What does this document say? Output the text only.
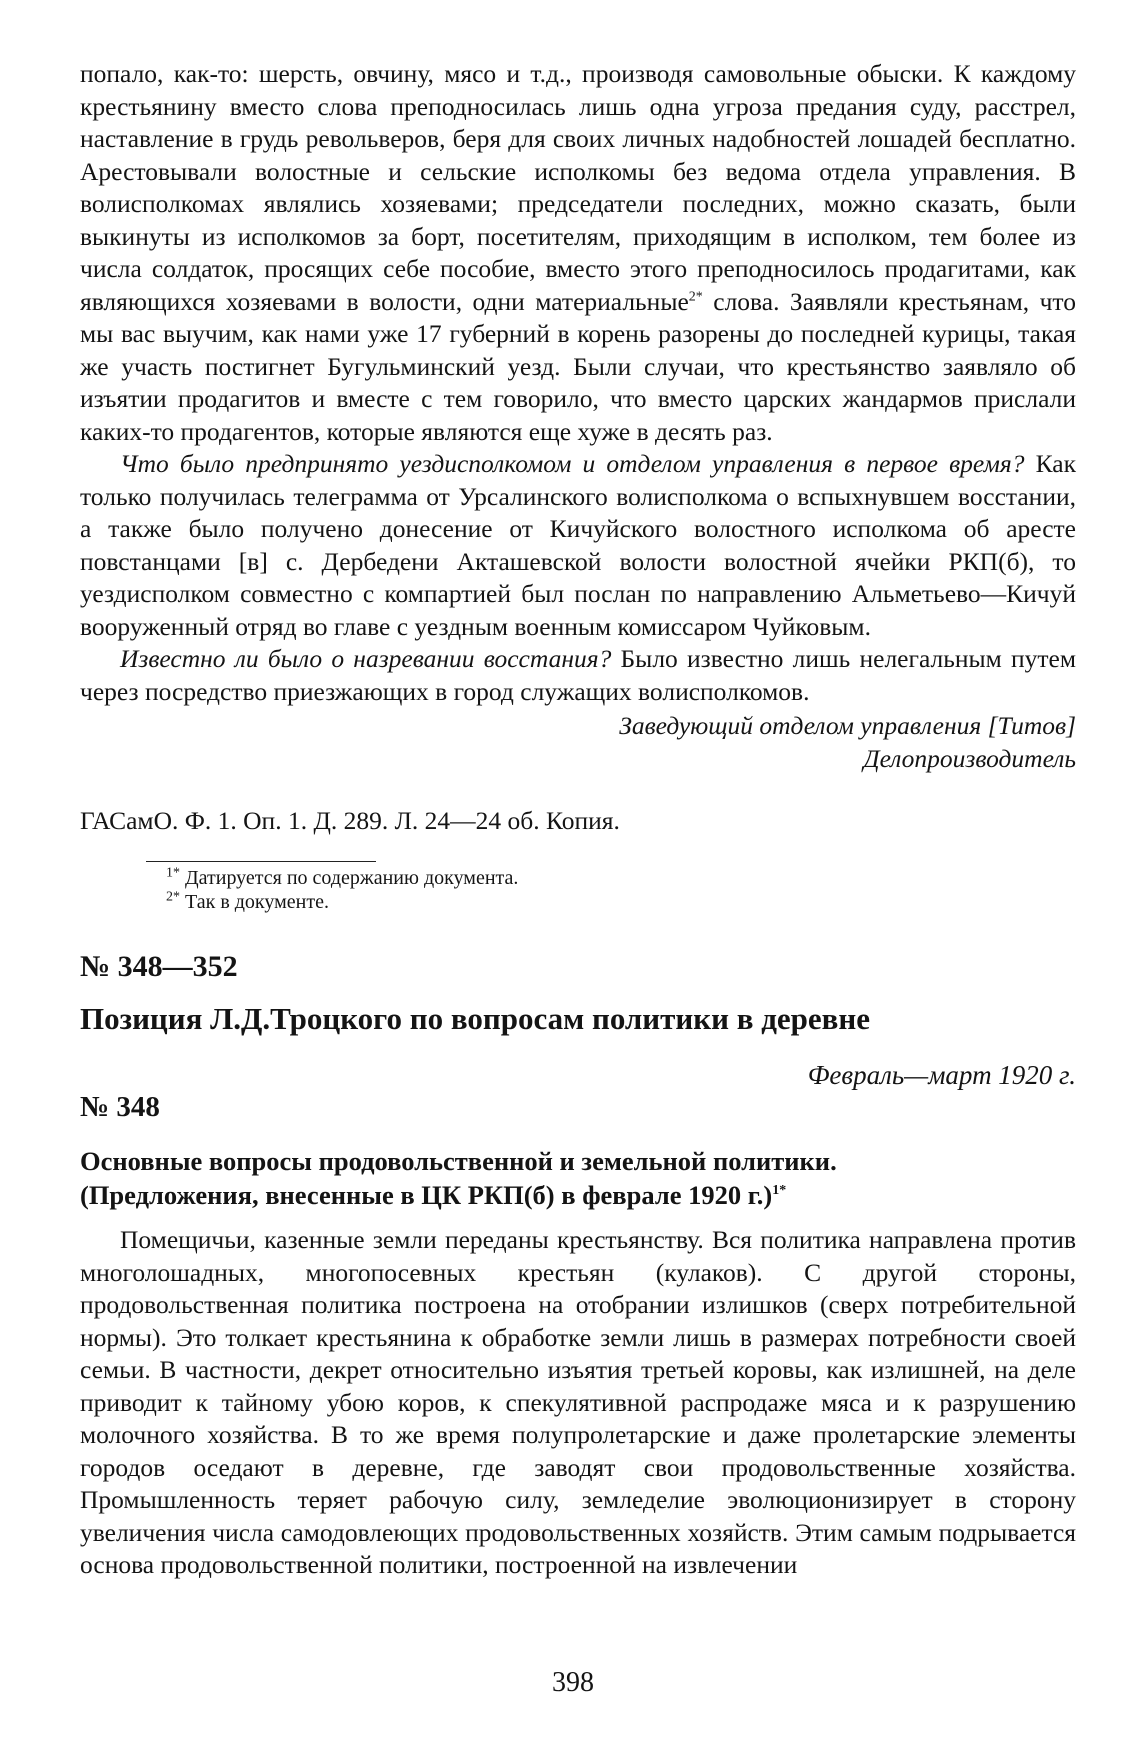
попало, как-то: шерсть, овчину, мясо и т.д., производя самовольные обыски. К каждому крестьянину вместо слова преподносилась лишь одна угроза предания суду, расстрел, наставление в грудь револьверов, беря для своих личных надобностей лошадей бесплатно. Арестовывали волостные и сельские исполкомы без ведома отдела управления. В волисполкомах являлись хозяевами; председатели последних, можно сказать, были выкинуты из исполкомов за борт, посетителям, приходящим в исполком, тем более из числа солдаток, просящих себе пособие, вместо этого преподносилось продагитами, как являющихся хозяевами в волости, одни материальные$^{2*}$ слова. Заявляли крестьянам, что мы вас выучим, как нами уже 17 губерний в корень разорены до последней курицы, такая же участь постигнет Бугульминский уезд. Были случаи, что крестьянство заявляло об изъятии продагитов и вместе с тем говорило, что вместо царских жандармов прислали каких-то продагентов, которые являются еще хуже в десять раз.

Что было предпринято уездисполкомом и отделом управления в первое время? Как только получилась телеграмма от Урсалинского волисполкома о вспыхнувшем восстании, а также было получено донесение от Кичуйского волостного исполкома об аресте повстанцами [в] с. Дербедени Акташевской волости волостной ячейки РКП(б), то уездисполком совместно с компартией был послан по направлению Альметьево—Кичуй вооруженный отряд во главе с уездным военным комиссаром Чуйковым.

Известно ли было о назревании восстания? Было известно лишь нелегальным путем через посредство приезжающих в город служащих волисполкомов.

Заведующий отделом управления [Титов]

Делопроизводитель

ГАСамО. Ф. 1. Оп. 1. Д. 289. Л. 24—24 об. Копия.

$^{1*}$ Датируется по содержанию документа.

$^{2*}$ Так в документе.

№ 348—352
Позиция Л.Д.Троцкого по вопросам политики в деревне
Февраль—март 1920 г.
№ 348
Основные вопросы продовольственной и земельной политики.
(Предложения, внесенные в ЦК РКП(б) в феврале 1920 г.)$^{1*}$

Помещичьи, казенные земли переданы крестьянству. Вся политика направлена против многолошадных, многопосевных крестьян (кулаков). С другой стороны, продовольственная политика построена на отобрании излишков (сверх потребительной нормы). Это толкает крестьянина к обработке земли лишь в размерах потребности своей семьи. В частности, декрет относительно изъятия третьей коровы, как излишней, на деле приводит к тайному убою коров, к спекулятивной распродаже мяса и к разрушению молочного хозяйства. В то же время полупролетарские и даже пролетарские элементы городов оседают в деревне, где заводят свои продовольственные хозяйства. Промышленность теряет рабочую силу, земледелие эволюционизирует в сторону увеличения числа самодовлеющих продовольственных хозяйств. Этим самым подрывается основа продовольственной политики, построенной на извлечении

398
